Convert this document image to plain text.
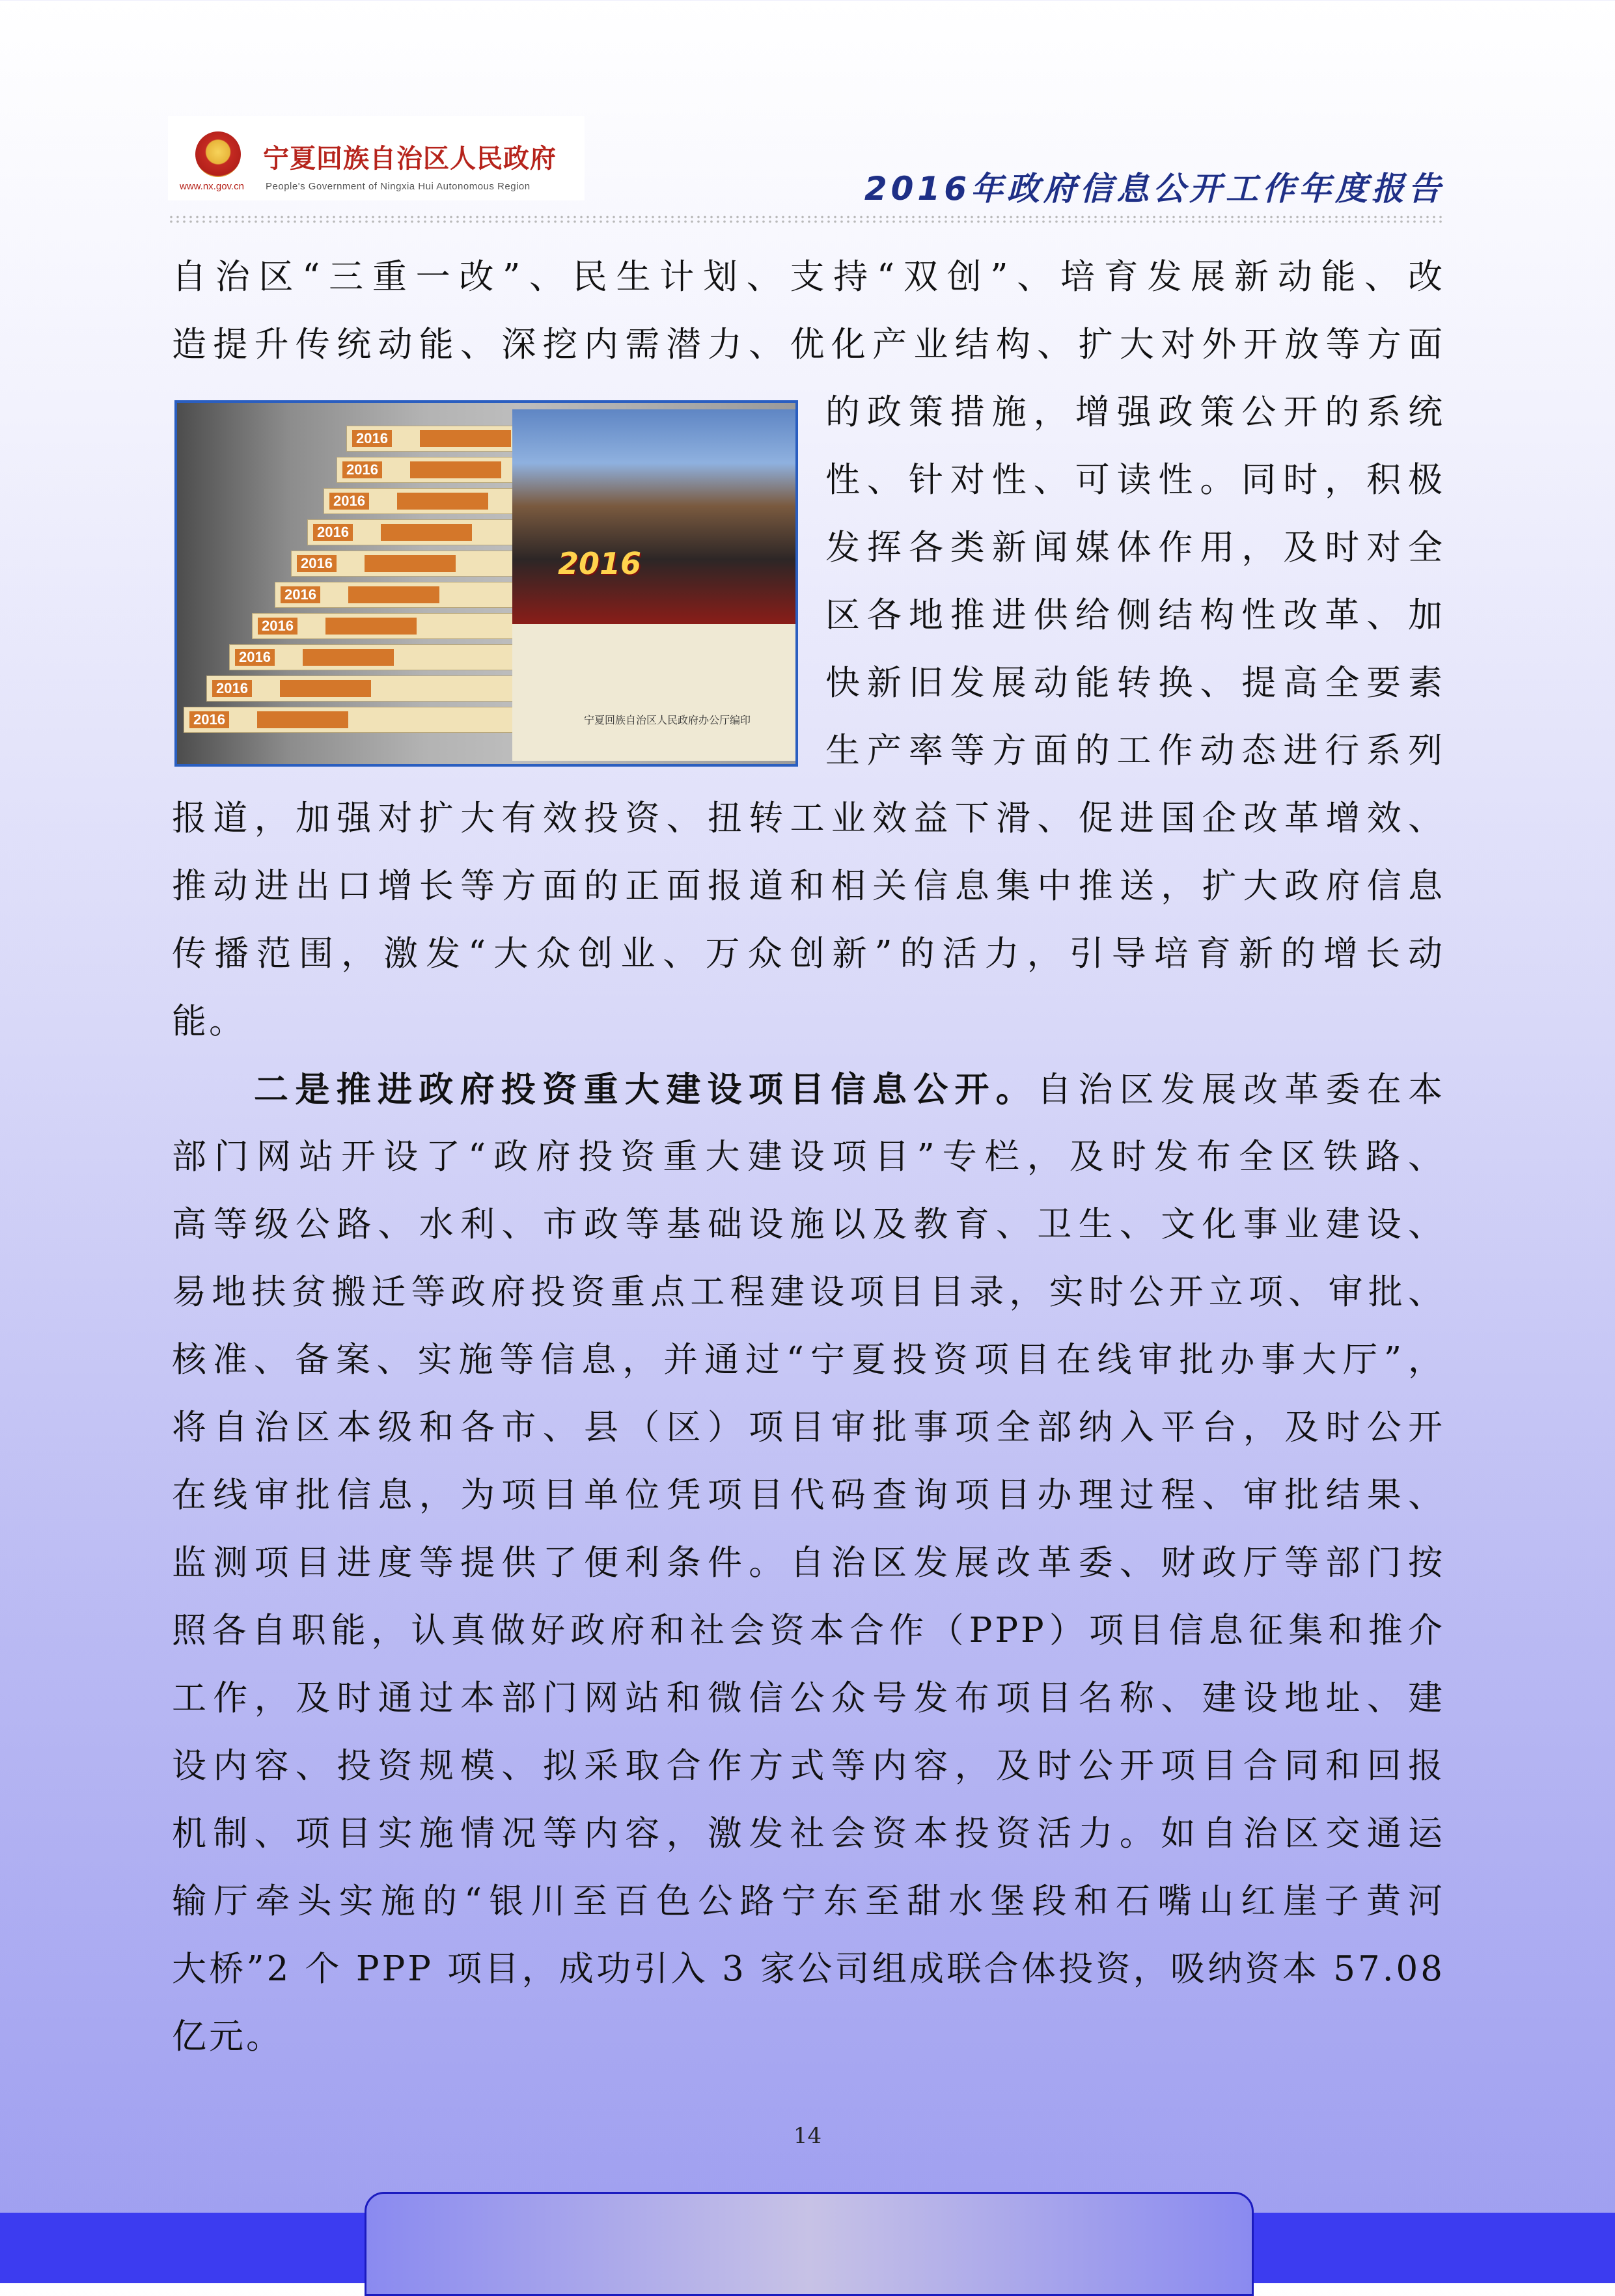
宁夏回族自治区人民政府
www.nx.gov.cn People's Government of Ningxia Hui Autonomous Region	2016年政府信息公开工作年度报告
自治区“三重一改”、民生计划、支持“双创”、培育发展新动能、改
造提升传统动能、深挖内需潜力、优化产业结构、扩大对外开放等方面
2016
2016
2016
2016
2016
2016
2016
2016
2016
2016
2016
宁夏回族自治区人民政府办公厅编印
的政策措施，增强政策公开的系统
性、针对性、可读性。同时，积极
发挥各类新闻媒体作用，及时对全
区各地推进供给侧结构性改革、加
快新旧发展动能转换、提高全要素
生产率等方面的工作动态进行系列
报道，加强对扩大有效投资、扭转工业效益下滑、促进国企改革增效、
推动进出口增长等方面的正面报道和相关信息集中推送，扩大政府信息
传播范围，激发“大众创业、万众创新”的活力，引导培育新的增长动
能。
二是推进政府投资重大建设项目信息公开。自治区发展改革委在本
部门网站开设了“政府投资重大建设项目”专栏，及时发布全区铁路、
高等级公路、水利、市政等基础设施以及教育、卫生、文化事业建设、
易地扶贫搬迁等政府投资重点工程建设项目目录，实时公开立项、审批、
核准、备案、实施等信息，并通过“宁夏投资项目在线审批办事大厅”，
将自治区本级和各市、县（区）项目审批事项全部纳入平台，及时公开
在线审批信息，为项目单位凭项目代码查询项目办理过程、审批结果、
监测项目进度等提供了便利条件。自治区发展改革委、财政厅等部门按
照各自职能，认真做好政府和社会资本合作（PPP）项目信息征集和推介
工作，及时通过本部门网站和微信公众号发布项目名称、建设地址、建
设内容、投资规模、拟采取合作方式等内容，及时公开项目合同和回报
机制、项目实施情况等内容，激发社会资本投资活力。如自治区交通运
输厅牵头实施的“银川至百色公路宁东至甜水堡段和石嘴山红崖子黄河
大桥”2 个 PPP 项目，成功引入 3 家公司组成联合体投资，吸纳资本 57.08
亿元。
14
